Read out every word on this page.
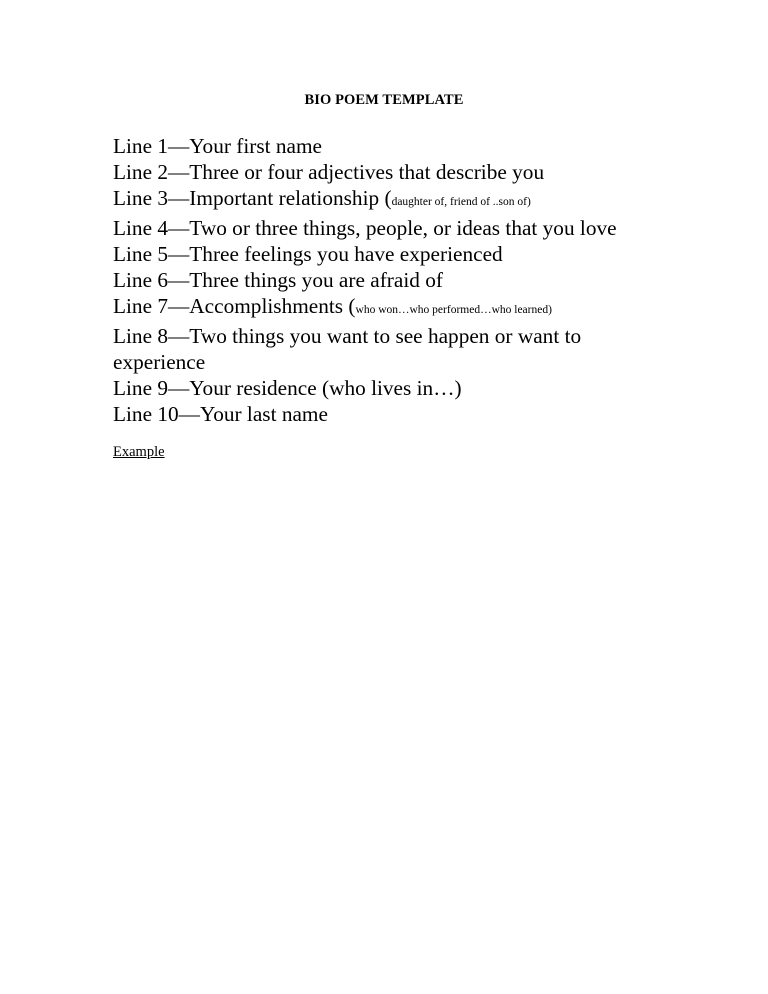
BIO POEM TEMPLATE
Line 1—Your first name
Line 2—Three or four adjectives that describe you
Line 3—Important relationship (daughter of, friend of ..son of)
Line 4—Two or three things, people, or ideas that you love
Line 5—Three feelings you have experienced
Line 6—Three things you are afraid of
Line 7—Accomplishments (who won…who performed…who learned)
Line 8—Two things you want to see happen or want to experience
Line 9—Your residence (who lives in…)
Line 10—Your last name
Example
